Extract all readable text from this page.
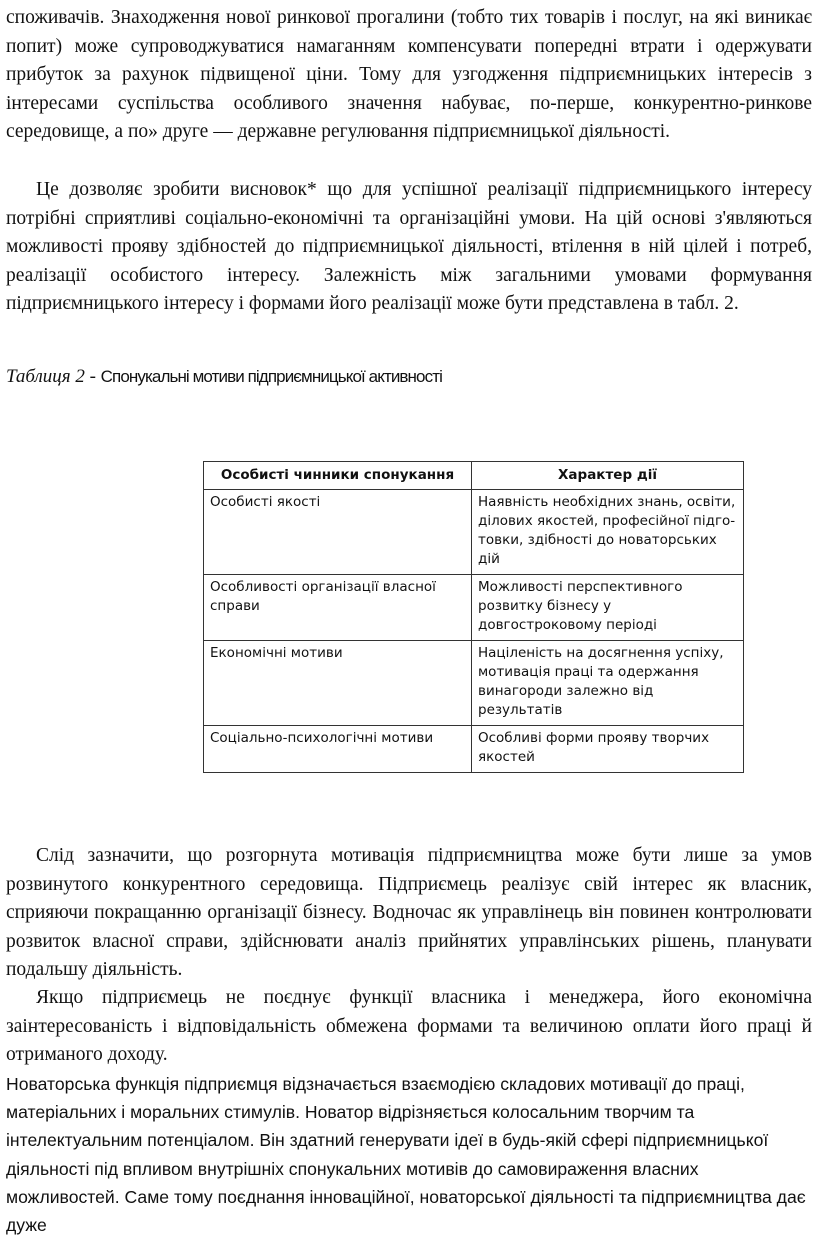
споживачів. Знаходження нової ринкової прогалини (тобто тих товарів і послуг, на які виникає попит) може супроводжуватися намаганням компенсувати попередні втрати і одержувати прибуток за рахунок підвищеної ціни. Тому для узгодження підприємницьких інтересів з інтересами суспільства особливого значення набуває, по-перше, конкурентно-ринкове середовище, а по» друге — державне регулювання підприємницької діяльності.

Це дозволяє зробити висновок* що для успішної реалізації підприємницького інтересу потрібні сприятливі соціально-економічні та організаційні умови. На цій основі з'являються можливості прояву здібностей до підприємницької діяльності, втілення в ній цілей і потреб, реалізації особистого інтересу. Залежність між загальними умовами формування підприємницького інтересу і формами його реалізації може бути представлена в табл. 2.

Таблиця 2 - Спонукальні мотиви підприємницької активності

Особисті чинники спонукання	Характер дії
Особисті якості	Наявність необхідних знань, освіти, ділових якостей, професійної підго-товки, здібності до новаторських дій
Особливості організації власної справи	Можливості перспективного розвитку бізнесу у довгостроковому періоді
Економічні мотиви	Націленість на досягнення успіху, мотивація праці та одержання винагороди залежно від результатів
Соціально-психологічні мотиви	Особливі форми прояву творчих якостей

Слід зазначити, що розгорнута мотивація підприємництва може бути лише за умов розвинутого конкурентного середовища. Підприємець реалізує свій інтерес як власник, сприяючи покращанню організації бізнесу. Водночас як управлінець він повинен контролювати розвиток власної справи, здійснювати аналіз прийнятих управлінських рішень, планувати подальшу діяльність.

Якщо підприємець не поєднує функції власника і менеджера, його економічна заінтересованість і відповідальність обмежена формами та величиною оплати його праці й отриманого доходу.

Новаторська функція підприємця відзначається взаємодією складових мотивації до праці, матеріальних і моральних стимулів. Новатор відрізняється колосальним творчим та інтелектуальним потенціалом. Він здатний генерувати ідеї в будь-якій сфері підприємницької діяльності під впливом внутрішніх спонукальних мотивів до самовираження власних можливостей. Саме тому поєднання інноваційної, новаторської діяльності та підприємництва дає дуже
